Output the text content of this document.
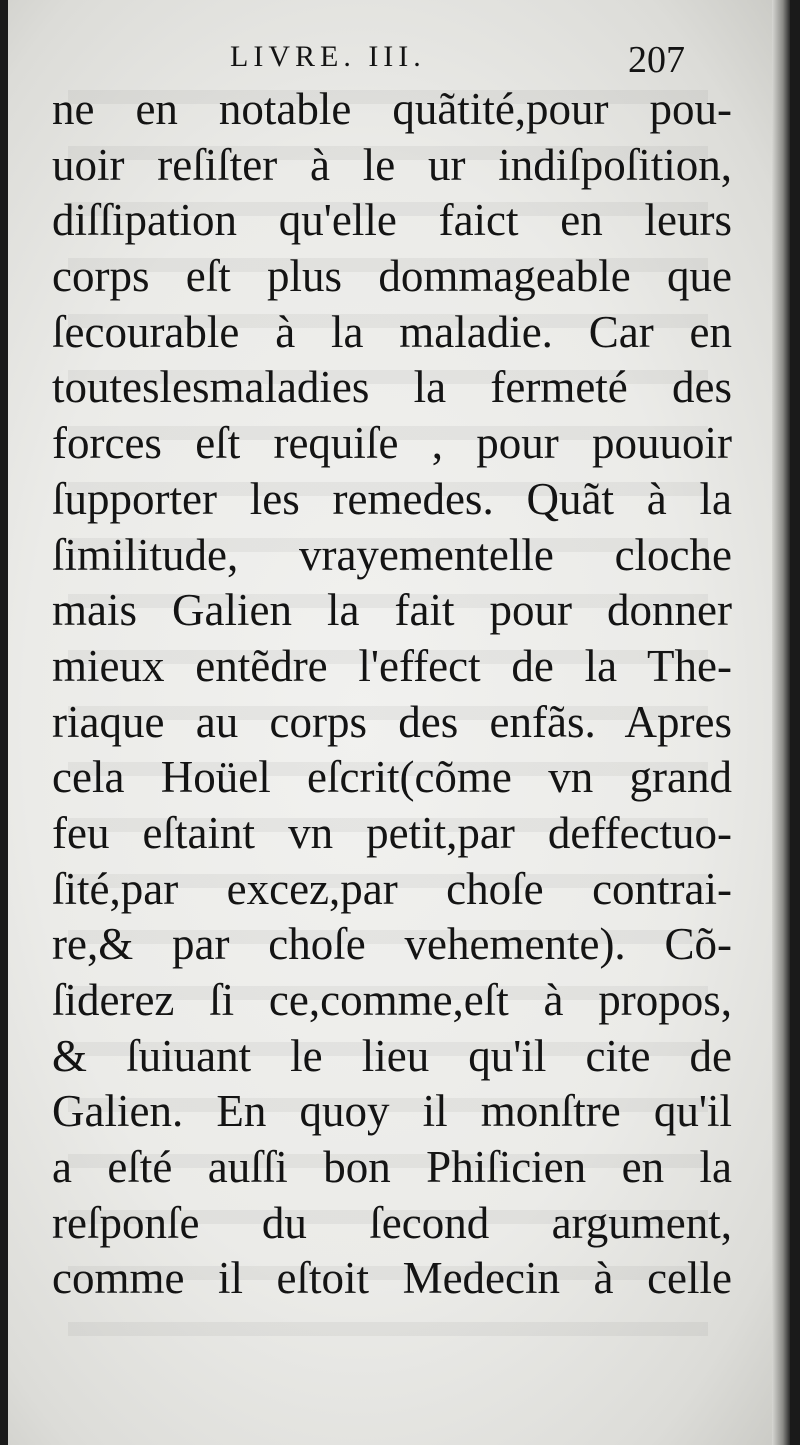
LIVRE. III.	207
ne en notable quãtité,pour pou-
uoir reſiſter à le ur indiſpoſition,
diſſipation qu'elle faict en leurs
corps eſt plus dommageable que
ſecourable à la maladie. Car en
touteslesmaladies la fermeté des
forces eſt requiſe , pour pouuoir
ſupporter les remedes. Quãt à la
ſimilitude, vrayementelle cloche
mais Galien la fait pour donner
mieux entẽdre l'effect de la The-
riaque au corps des enfãs. Apres
cela Hoüel eſcrit(cõme vn grand
feu eſtaint vn petit,par deffectuo-
ſité,par excez,par choſe contrai-
re,& par choſe vehemente). Cõ-
ſiderez ſi ce,comme,eſt à propos,
& ſuiuant le lieu qu'il cite de
Galien. En quoy il monſtre qu'il
a eſté auſſi bon Phiſicien en la
reſponſe du ſecond argument,
comme il eſtoit Medecin à celle
